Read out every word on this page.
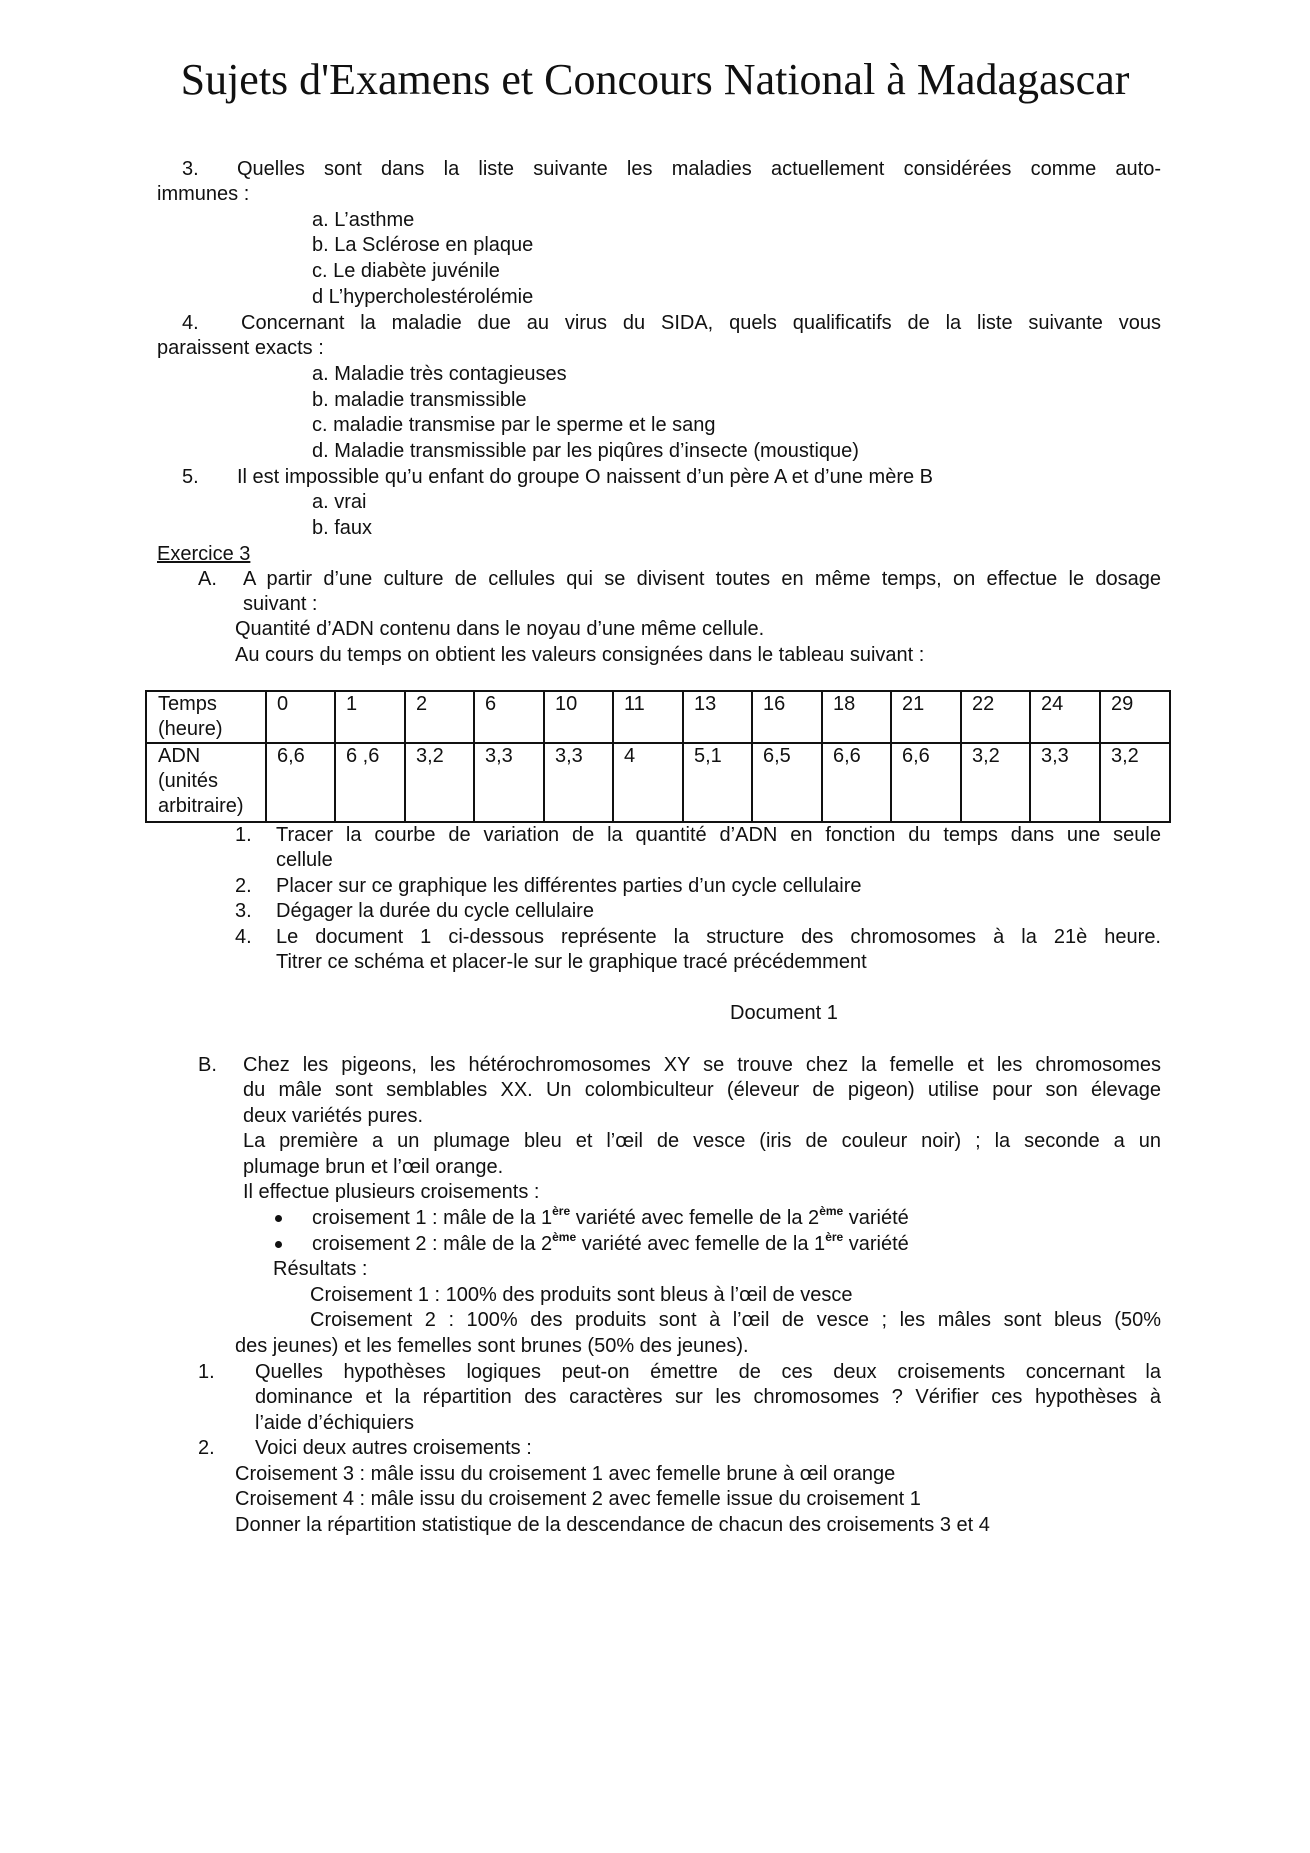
Sujets d'Examens et Concours National à Madagascar
3. Quelles sont dans la liste suivante les maladies actuellement considérées comme auto-
immunes :
a. L’asthme
b. La Sclérose en plaque
c. Le diabète juvénile
d L’hypercholestérolémie
4. Concernant la maladie due au virus du SIDA, quels qualificatifs de la liste suivante vous
paraissent exacts :
a. Maladie très contagieuses
b. maladie transmissible
c. maladie transmise par le sperme et le sang
d. Maladie transmissible par les piqûres d’insecte (moustique)
5. Il est impossible qu’u enfant do groupe O naissent d’un père A et d’une mère B
a. vrai
b. faux
Exercice 3
A. A partir d’une culture de cellules qui se divisent toutes en même temps, on effectue le dosage
suivant :
Quantité d’ADN contenu dans le noyau d’une même cellule.
Au cours du temps on obtient les valeurs consignées dans le tableau suivant :
Temps
(heure)	0	1	2	6	10	11	13	16	18	21	22	24	29
ADN
(unités
arbitraire)	6,6	6 ,6	3,2	3,3	3,3	4	5,1	6,5	6,6	6,6	3,2	3,3	3,2
1. Tracer la courbe de variation de la quantité d’ADN en fonction du temps dans une seule
cellule
2. Placer sur ce graphique les différentes parties d’un cycle cellulaire
3. Dégager la durée du cycle cellulaire
4. Le document 1 ci-dessous représente la structure des chromosomes à la 21è heure.
Titrer ce schéma et placer-le sur le graphique tracé précédemment
Document 1
B. Chez les pigeons, les hétérochromosomes XY se trouve chez la femelle et les chromosomes
du mâle sont semblables XX. Un colombiculteur (éleveur de pigeon) utilise pour son élevage
deux variétés pures.
La première a un plumage bleu et l’œil de vesce (iris de couleur noir) ; la seconde a un
plumage brun et l’œil orange.
Il effectue plusieurs croisements :
croisement 1 : mâle de la 1ère variété avec femelle de la 2ème variété
croisement 2 : mâle de la 2ème variété avec femelle de la 1ère variété
Résultats :
Croisement 1 : 100% des produits sont bleus à l’œil de vesce
Croisement 2 : 100% des produits sont à l’œil de vesce ; les mâles sont bleus (50%
des jeunes) et les femelles sont brunes (50% des jeunes).
1. Quelles hypothèses logiques peut-on émettre de ces deux croisements concernant la
dominance et la répartition des caractères sur les chromosomes ? Vérifier ces hypothèses à
l’aide d’échiquiers
2. Voici deux autres croisements :
Croisement 3 : mâle issu du croisement 1 avec femelle brune à œil orange
Croisement 4 : mâle issu du croisement 2 avec femelle issue du croisement 1
Donner la répartition statistique de la descendance de chacun des croisements 3 et 4
